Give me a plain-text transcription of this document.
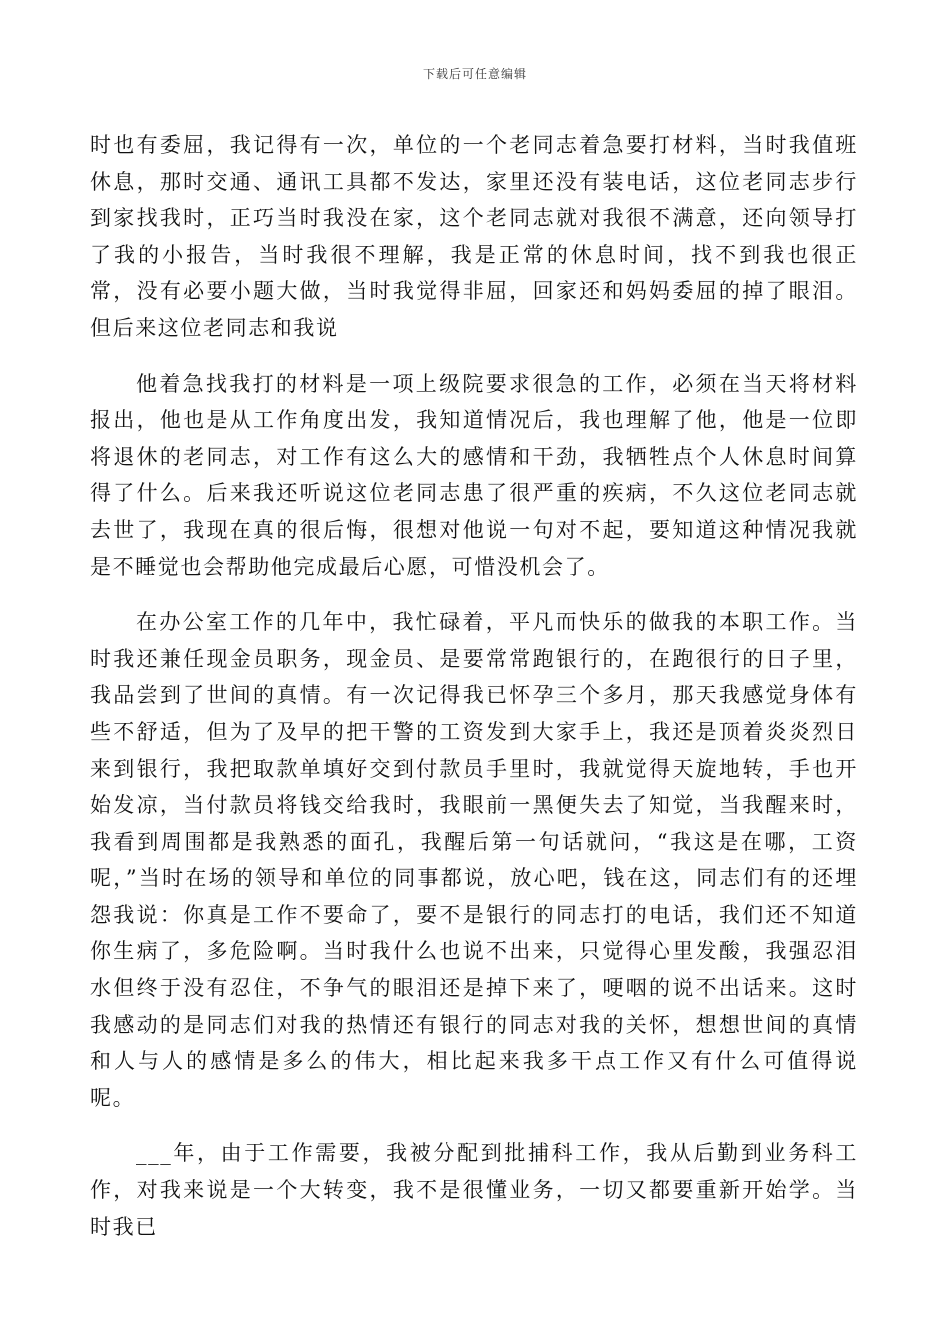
下载后可任意编辑

时也有委屈，我记得有一次，单位的一个老同志着急要打材料，当时我值班休息，那时交通、通讯工具都不发达，家里还没有装电话，这位老同志步行到家找我时，正巧当时我没在家，这个老同志就对我很不满意，还向领导打了我的小报告，当时我很不理解，我是正常的休息时间，找不到我也很正常，没有必要小题大做，当时我觉得非屈，回家还和妈妈委屈的掉了眼泪。但后来这位老同志和我说

他着急找我打的材料是一项上级院要求很急的工作，必须在当天将材料报出，他也是从工作角度出发，我知道情况后，我也理解了他，他是一位即将退休的老同志，对工作有这么大的感情和干劲，我牺牲点个人休息时间算得了什么。后来我还听说这位老同志患了很严重的疾病，不久这位老同志就去世了，我现在真的很后悔，很想对他说一句对不起，要知道这种情况我就是不睡觉也会帮助他完成最后心愿，可惜没机会了。

在办公室工作的几年中，我忙碌着，平凡而快乐的做我的本职工作。当时我还兼任现金员职务，现金员、是要常常跑银行的，在跑很行的日子里，我品尝到了世间的真情。有一次记得我已怀孕三个多月，那天我感觉身体有些不舒适，但为了及早的把干警的工资发到大家手上，我还是顶着炎炎烈日来到银行，我把取款单填好交到付款员手里时，我就觉得天旋地转，手也开始发凉，当付款员将钱交给我时，我眼前一黑便失去了知觉，当我醒来时，我看到周围都是我熟悉的面孔，我醒后第一句话就问，“我这是在哪，工资呢，”当时在场的领导和单位的同事都说，放心吧，钱在这，同志们有的还埋怨我说：你真是工作不要命了，要不是银行的同志打的电话，我们还不知道你生病了，多危险啊。当时我什么也说不出来，只觉得心里发酸，我强忍泪水但终于没有忍住，不争气的眼泪还是掉下来了，哽咽的说不出话来。这时我感动的是同志们对我的热情还有银行的同志对我的关怀，想想世间的真情和人与人的感情是多么的伟大，相比起来我多干点工作又有什么可值得说呢。

___年，由于工作需要，我被分配到批捕科工作，我从后勤到业务科工作，对我来说是一个大转变，我不是很懂业务，一切又都要重新开始学。当时我已
